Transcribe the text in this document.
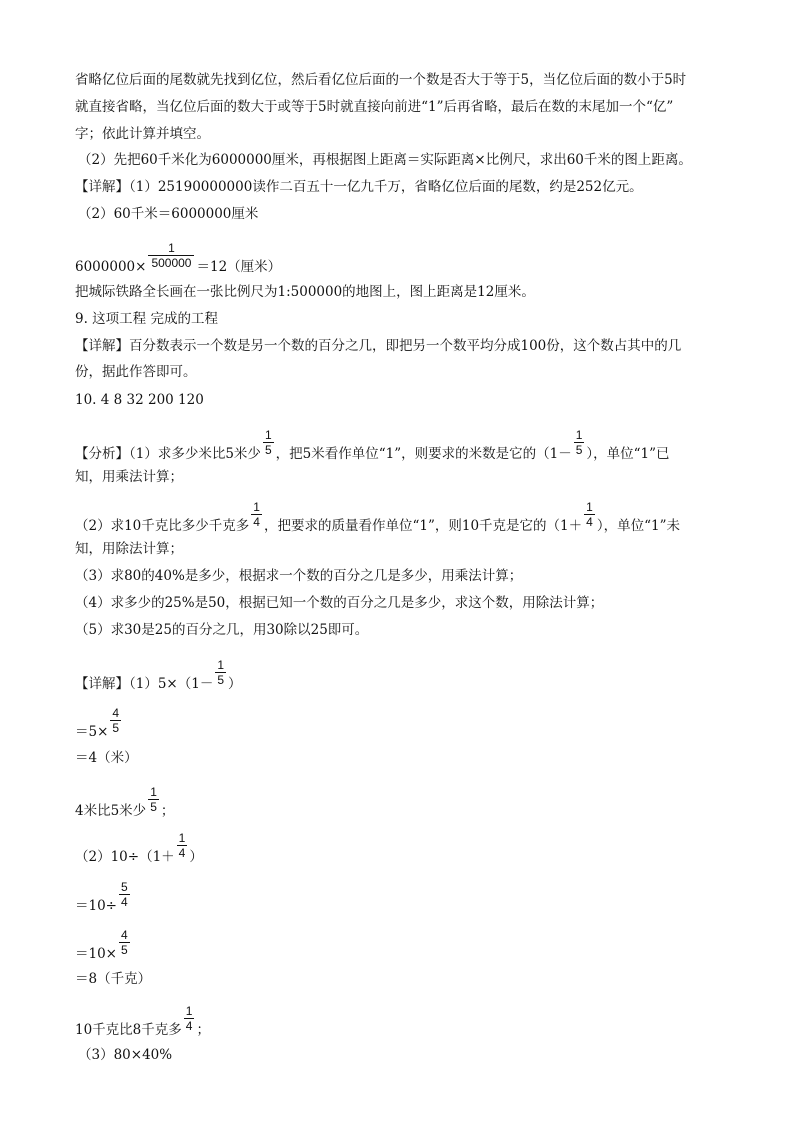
省略亿位后面的尾数就先找到亿位，然后看亿位后面的一个数是否大于等于5，当亿位后面的数小于5时
就直接省略，当亿位后面的数大于或等于5时就直接向前进“1”后再省略，最后在数的末尾加一个“亿”
字；依此计算并填空。
（2）先把60千米化为6000000厘米，再根据图上距离＝实际距离×比例尺，求出60千米的图上距离。
【详解】（1）25190000000读作二百五十一亿九千万，省略亿位后面的尾数，约是252亿元。
（2）60千米＝6000000厘米
$6000000\times \frac{1}{500000} =12$（厘米）
把城际铁路全长画在一张比例尺为1:500000的地图上，图上距离是12厘米。
9. 这项工程 完成的工程
【详解】百分数表示一个数是另一个数的百分之几，即把另一个数平均分成100份，这个数占其中的几
份，据此作答即可。
10. 4 8 32 200 120
【分析】（1）求多少米比5米少 $\frac{1}{5}$ ，把5米看作单位“1”，则要求的米数是它的（$1- \frac{1}{5}$ ），单位“1”已
知，用乘法计算；
（2）求10千克比多少千克多 $\frac{1}{4}$ ，把要求的质量看作单位“1”，则10千克是它的（$1+ \frac{1}{4}$ ），单位“1”未
知，用除法计算；
（3）求80的40%是多少，根据求一个数的百分之几是多少，用乘法计算；
（4）求多少的25%是50，根据已知一个数的百分之几是多少，求这个数，用除法计算；
（5）求30是25的百分之几，用30除以25即可。
【详解】$(1)5\times(1- \frac{1}{5}$ ）
$=5\times \frac{4}{5}$
＝4（米）
4米比5米少 $\frac{1}{5}$ ；
$(2)10\div(1+ \frac{1}{4}$ ）
$=10\div \frac{5}{4}$
$=10\times \frac{4}{5}$
＝8（千克）
10千克比8千克多 $\frac{1}{4}$ ；
（3）80×40%
